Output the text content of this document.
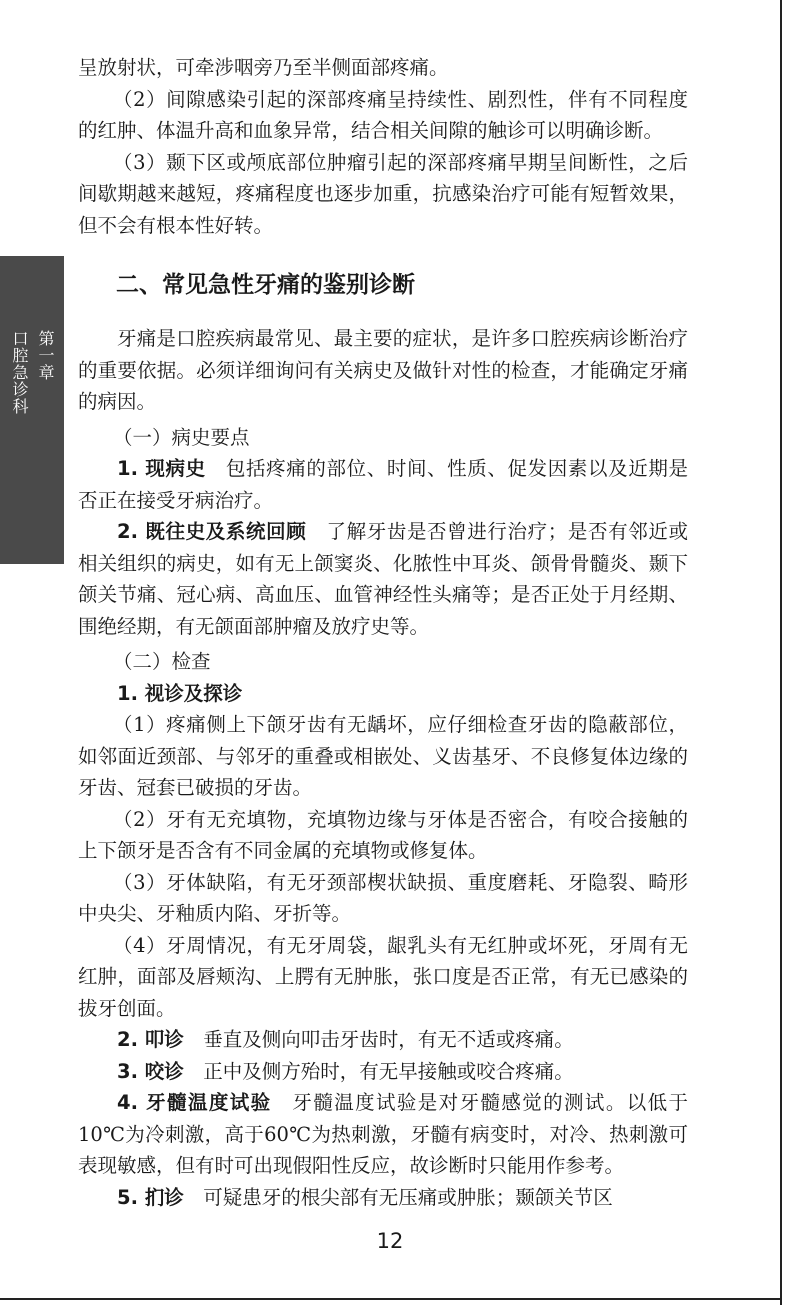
第一章
口腔急诊科

呈放射状，可牵涉咽旁乃至半侧面部疼痛。

（2）间隙感染引起的深部疼痛呈持续性、剧烈性，伴有不同程度的红肿、体温升高和血象异常，结合相关间隙的触诊可以明确诊断。

（3）颞下区或颅底部位肿瘤引起的深部疼痛早期呈间断性，之后间歇期越来越短，疼痛程度也逐步加重，抗感染治疗可能有短暂效果，但不会有根本性好转。

二、常见急性牙痛的鉴别诊断

牙痛是口腔疾病最常见、最主要的症状，是许多口腔疾病诊断治疗的重要依据。必须详细询问有关病史及做针对性的检查，才能确定牙痛的病因。

（一）病史要点

1. 现病史　包括疼痛的部位、时间、性质、促发因素以及近期是否正在接受牙病治疗。

2. 既往史及系统回顾　了解牙齿是否曾进行治疗；是否有邻近或相关组织的病史，如有无上颌窦炎、化脓性中耳炎、颌骨骨髓炎、颞下颌关节痛、冠心病、高血压、血管神经性头痛等；是否正处于月经期、围绝经期，有无颌面部肿瘤及放疗史等。

（二）检查

1. 视诊及探诊

（1）疼痛侧上下颌牙齿有无龋坏，应仔细检查牙齿的隐蔽部位，如邻面近颈部、与邻牙的重叠或相嵌处、义齿基牙、不良修复体边缘的牙齿、冠套已破损的牙齿。

（2）牙有无充填物，充填物边缘与牙体是否密合，有咬合接触的上下颌牙是否含有不同金属的充填物或修复体。

（3）牙体缺陷，有无牙颈部楔状缺损、重度磨耗、牙隐裂、畸形中央尖、牙釉质内陷、牙折等。

（4）牙周情况，有无牙周袋，龈乳头有无红肿或坏死，牙周有无红肿，面部及唇颊沟、上腭有无肿胀，张口度是否正常，有无已感染的拔牙创面。

2. 叩诊　垂直及侧向叩击牙齿时，有无不适或疼痛。

3. 咬诊　正中及侧方殆时，有无早接触或咬合疼痛。

4. 牙髓温度试验　牙髓温度试验是对牙髓感觉的测试。以低于10℃为冷刺激，高于60℃为热刺激，牙髓有病变时，对冷、热刺激可表现敏感，但有时可出现假阳性反应，故诊断时只能用作参考。

5. 扪诊　可疑患牙的根尖部有无压痛或肿胀；颞颌关节区

12
